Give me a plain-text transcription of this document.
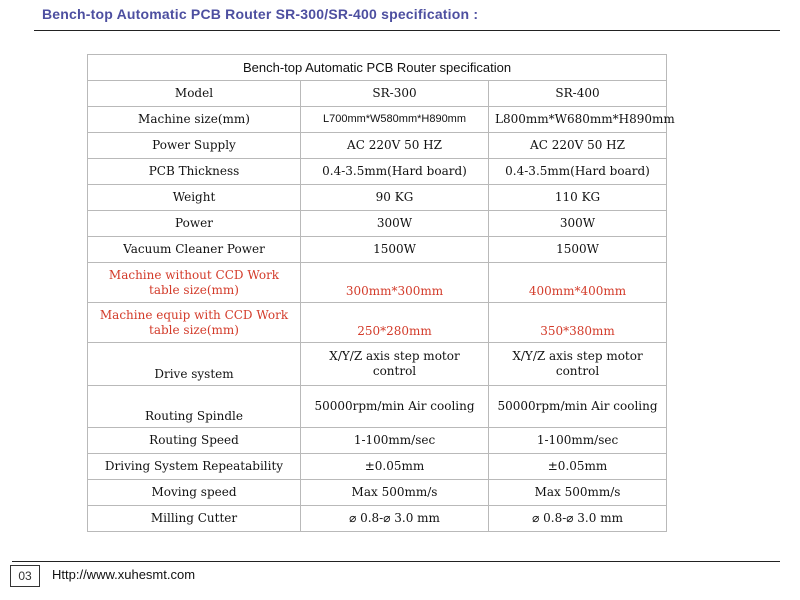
Bench-top Automatic PCB Router SR-300/SR-400 specification :
Bench-top Automatic PCB Router specification		
Model	SR-300	SR-400
Machine size(mm)	L700mm*W580mm*H890mm	L800mm*W680mm*H890mm
Power Supply	AC 220V 50 HZ	AC 220V 50 HZ
PCB Thickness	0.4-3.5mm(Hard board)	0.4-3.5mm(Hard board)
Weight	90 KG	110 KG
Power	300W	300W
Vacuum Cleaner Power	1500W	1500W
Machine without CCD Work table size(mm)	300mm*300mm	400mm*400mm
Machine equip with CCD Work table size(mm)	250*280mm	350*380mm
Drive system	X/Y/Z axis step motor control	X/Y/Z axis step motor control
Routing Spindle	50000rpm/min Air cooling	50000rpm/min Air cooling
Routing Speed	1-100mm/sec	1-100mm/sec
Driving System Repeatability	±0.05mm	±0.05mm
Moving speed	Max 500mm/s	Max 500mm/s
Milling Cutter	⌀ 0.8-⌀ 3.0 mm	⌀ 0.8-⌀ 3.0 mm
03	Http://www.xuhesmt.com
